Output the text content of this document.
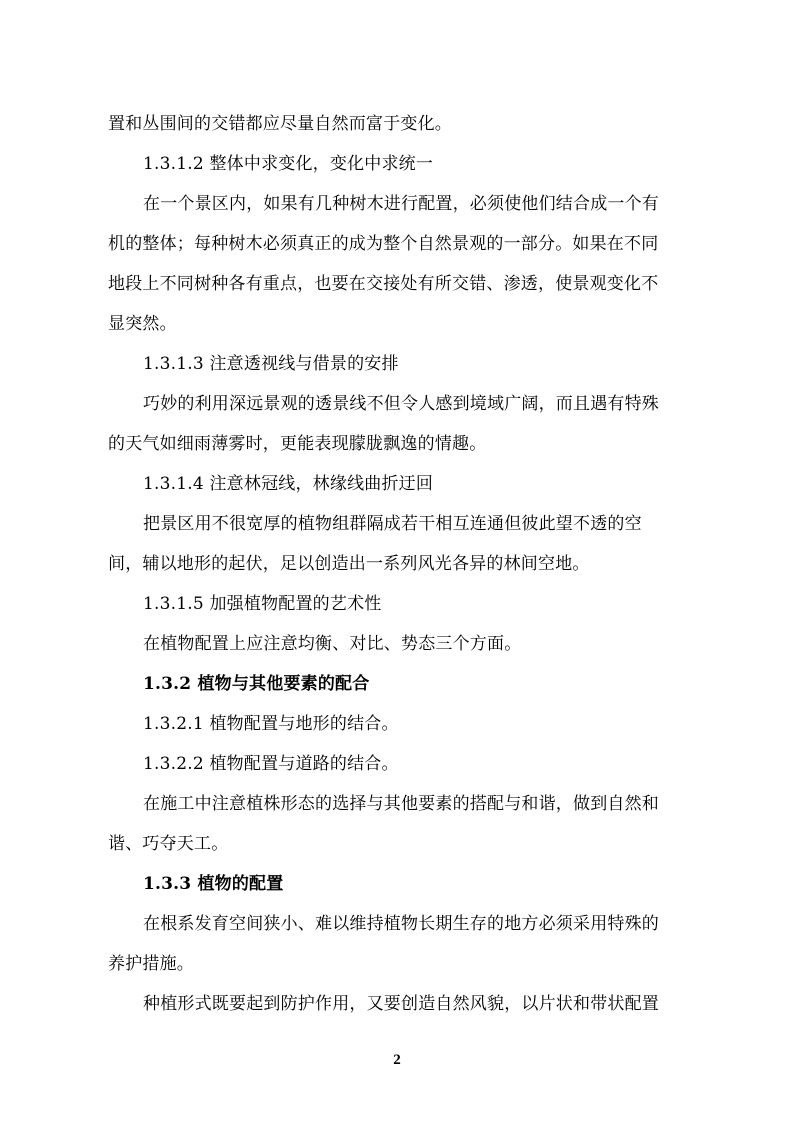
置和丛围间的交错都应尽量自然而富于变化。
1.3.1.2 整体中求变化，变化中求统一
在一个景区内，如果有几种树木进行配置，必须使他们结合成一个有
机的整体；每种树木必须真正的成为整个自然景观的一部分。如果在不同
地段上不同树种各有重点，也要在交接处有所交错、渗透，使景观变化不
显突然。
1.3.1.3 注意透视线与借景的安排
巧妙的利用深远景观的透景线不但令人感到境域广阔，而且遇有特殊
的天气如细雨薄雾时，更能表现朦胧飘逸的情趣。
1.3.1.4 注意林冠线，林缘线曲折迂回
把景区用不很宽厚的植物组群隔成若干相互连通但彼此望不透的空
间，辅以地形的起伏，足以创造出一系列风光各异的林间空地。
1.3.1.5 加强植物配置的艺术性
在植物配置上应注意均衡、对比、势态三个方面。
1.3.2 植物与其他要素的配合
1.3.2.1 植物配置与地形的结合。
1.3.2.2 植物配置与道路的结合。
在施工中注意植株形态的选择与其他要素的搭配与和谐，做到自然和
谐、巧夺天工。
1.3.3 植物的配置
在根系发育空间狭小、难以维持植物长期生存的地方必须采用特殊的
养护措施。
种植形式既要起到防护作用，又要创造自然风貌，以片状和带状配置
2
